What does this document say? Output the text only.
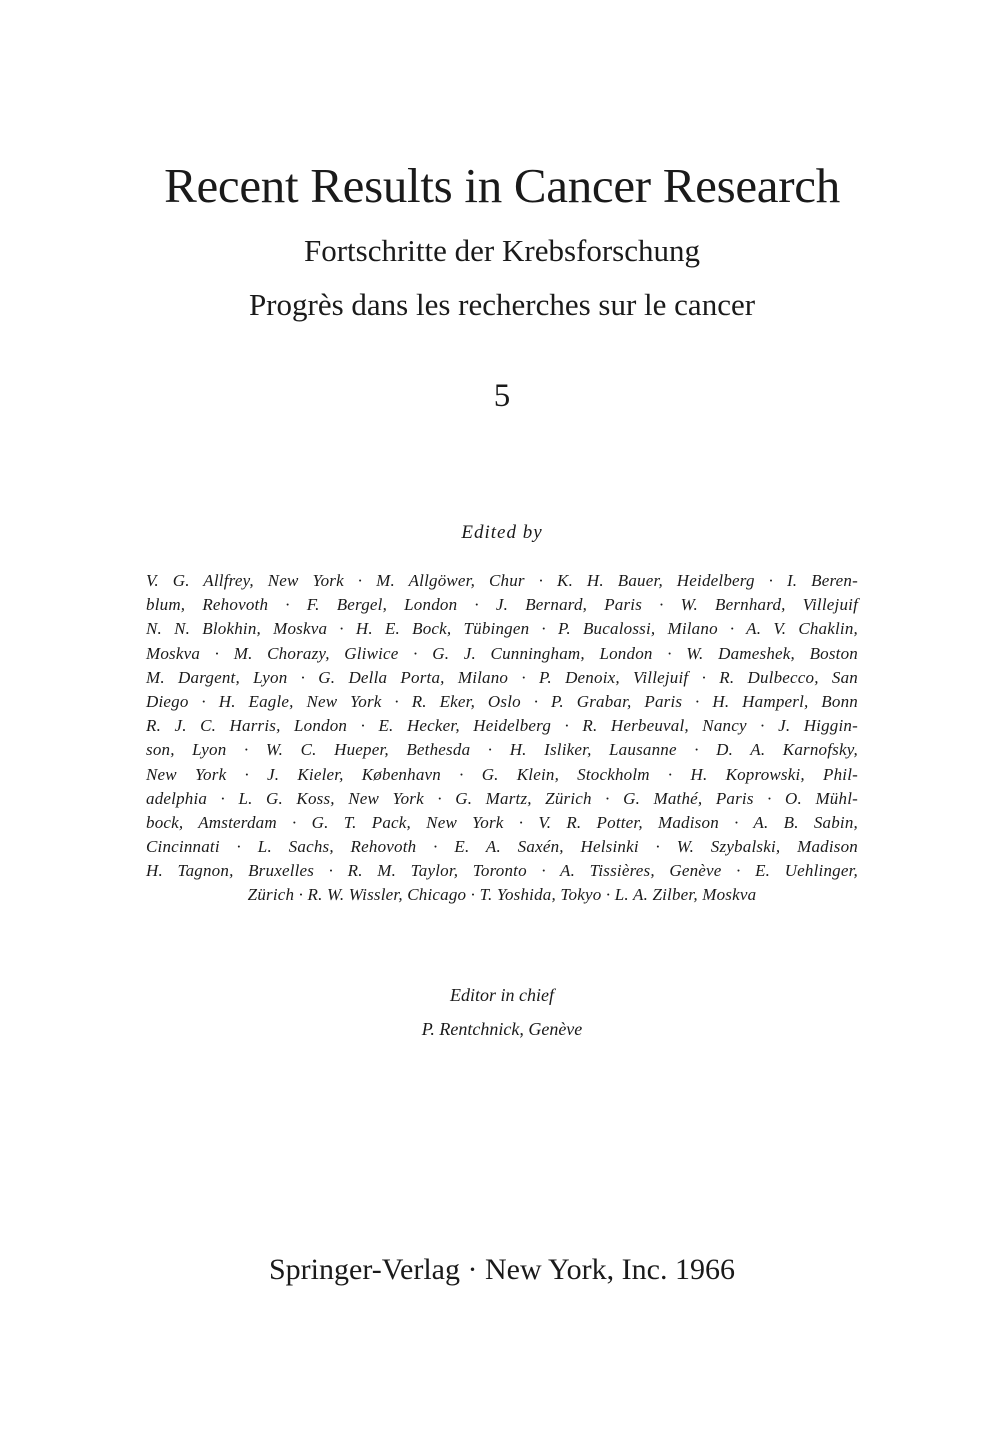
Recent Results in Cancer Research
Fortschritte der Krebsforschung
Progrès dans les recherches sur le cancer
5
Edited by
V. G. Allfrey, New York · M. Allgöwer, Chur · K. H. Bauer, Heidelberg · I. Beren-
blum, Rehovoth · F. Bergel, London · J. Bernard, Paris · W. Bernhard, Villejuif
N. N. Blokhin, Moskva · H. E. Bock, Tübingen · P. Bucalossi, Milano · A. V. Chaklin,
Moskva · M. Chorazy, Gliwice · G. J. Cunningham, London · W. Dameshek, Boston
M. Dargent, Lyon · G. Della Porta, Milano · P. Denoix, Villejuif · R. Dulbecco, San
Diego · H. Eagle, New York · R. Eker, Oslo · P. Grabar, Paris · H. Hamperl, Bonn
R. J. C. Harris, London · E. Hecker, Heidelberg · R. Herbeuval, Nancy · J. Higgin-
son, Lyon · W. C. Hueper, Bethesda · H. Isliker, Lausanne · D. A. Karnofsky,
New York · J. Kieler, København · G. Klein, Stockholm · H. Koprowski, Phil-
adelphia · L. G. Koss, New York · G. Martz, Zürich · G. Mathé, Paris · O. Mühl-
bock, Amsterdam · G. T. Pack, New York · V. R. Potter, Madison · A. B. Sabin,
Cincinnati · L. Sachs, Rehovoth · E. A. Saxén, Helsinki · W. Szybalski, Madison
H. Tagnon, Bruxelles · R. M. Taylor, Toronto · A. Tissières, Genève · E. Uehlinger,
Zürich · R. W. Wissler, Chicago · T. Yoshida, Tokyo · L. A. Zilber, Moskva
Editor in chief
P. Rentchnick, Genève
Springer-Verlag · New York, Inc. 1966
